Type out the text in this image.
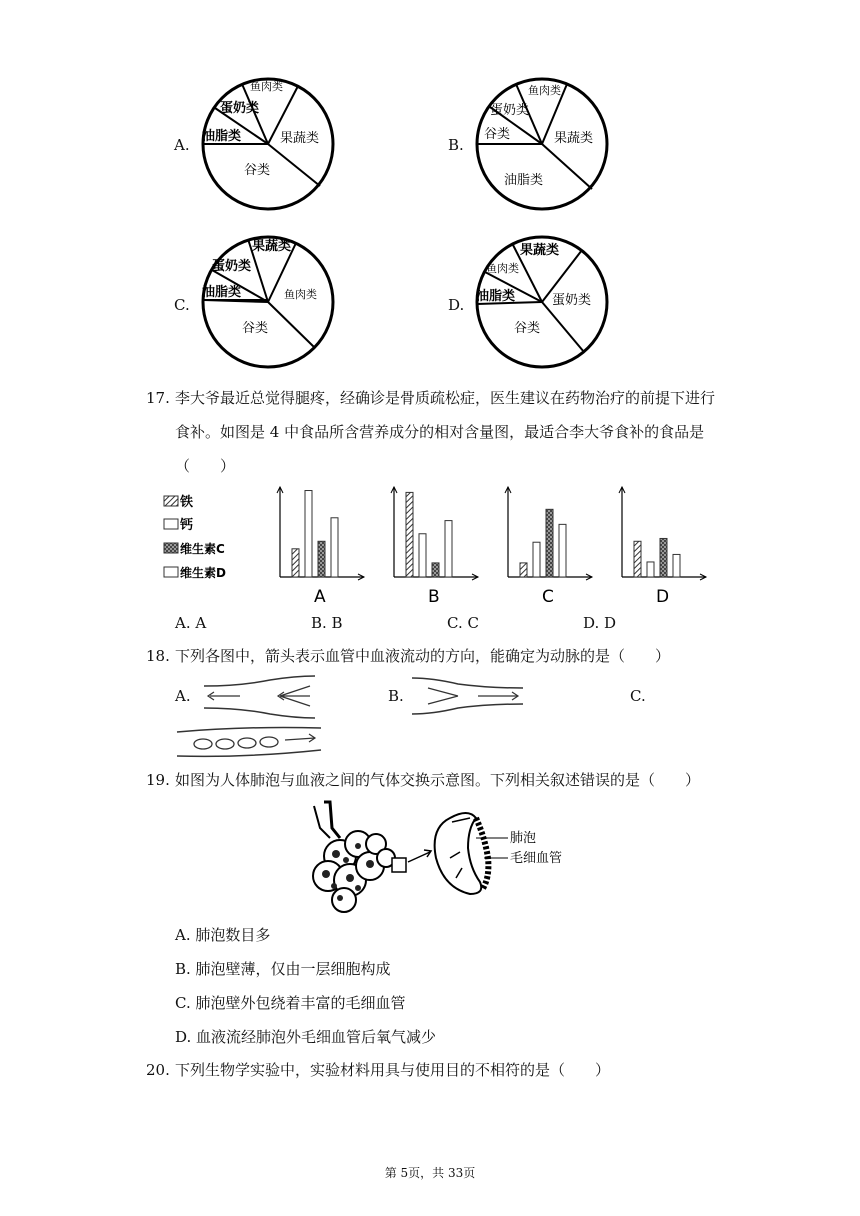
A.
鱼肉类
蛋奶类
油脂类	果蔬类
谷类
B.
鱼肉类
蛋奶类
谷类	果蔬类
油脂类
C.
果蔬类
蛋奶类
油脂类	鱼肉类
谷类
D.
果蔬类
鱼肉类
油脂类	蛋奶类
谷类
17. 李大爷最近总觉得腿疼，经确诊是骨质疏松症，医生建议在药物治疗的前提下进行
食补。如图是 4 中食品所含营养成分的相对含量图，最适合李大爷食补的食品是
（　　）
铁
钙
维生素C
维生素D
A	B	C	D
A. A	B. B	C. C	D. D
18. 下列各图中，箭头表示血管中血液流动的方向，能确定为动脉的是（　　）
A.	B.	C.
19. 如图为人体肺泡与血液之间的气体交换示意图。下列相关叙述错误的是（　　）
肺泡
毛细血管
A. 肺泡数目多
B. 肺泡壁薄，仅由一层细胞构成
C. 肺泡壁外包绕着丰富的毛细血管
D. 血液流经肺泡外毛细血管后氧气减少
20. 下列生物学实验中，实验材料用具与使用目的不相符的是（　　）
第 5页，共 33页
